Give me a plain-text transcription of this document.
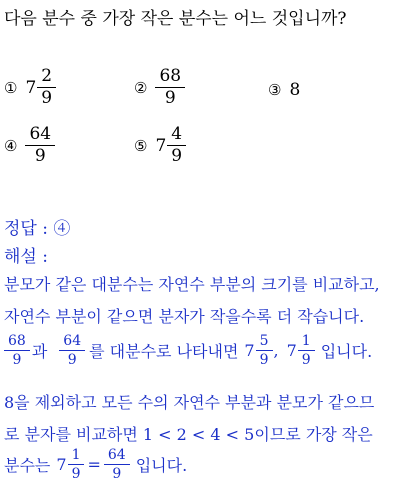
다음 분수 중 가장 작은 분수는 어느 것입니까?
① $7 \frac{2}{9}$	② $\frac{68}{9}$	③ 8
④ $\frac{64}{9}$	⑤ $7 \frac{4}{9}$
정답 : ④
해설 :
분모가 같은 대분수는 자연수 부분의 크기를 비교하고,
자연수 부분이 같으면 분자가 작을수록 더 작습니다.
$\frac{68}{9}$ 과 $\frac{64}{9}$ 를 대분수로 나타내면 $7 \frac{5}{9}$ , $7 \frac{1}{9}$ 입니다.
8을 제외하고 모든 수의 자연수 부분과 분모가 같으므
로 분자를 비교하면 1 < 2 < 4 < 5이므로 가장 작은
분수는 $7 \frac{1}{9} = \frac{64}{9}$ 입니다.
